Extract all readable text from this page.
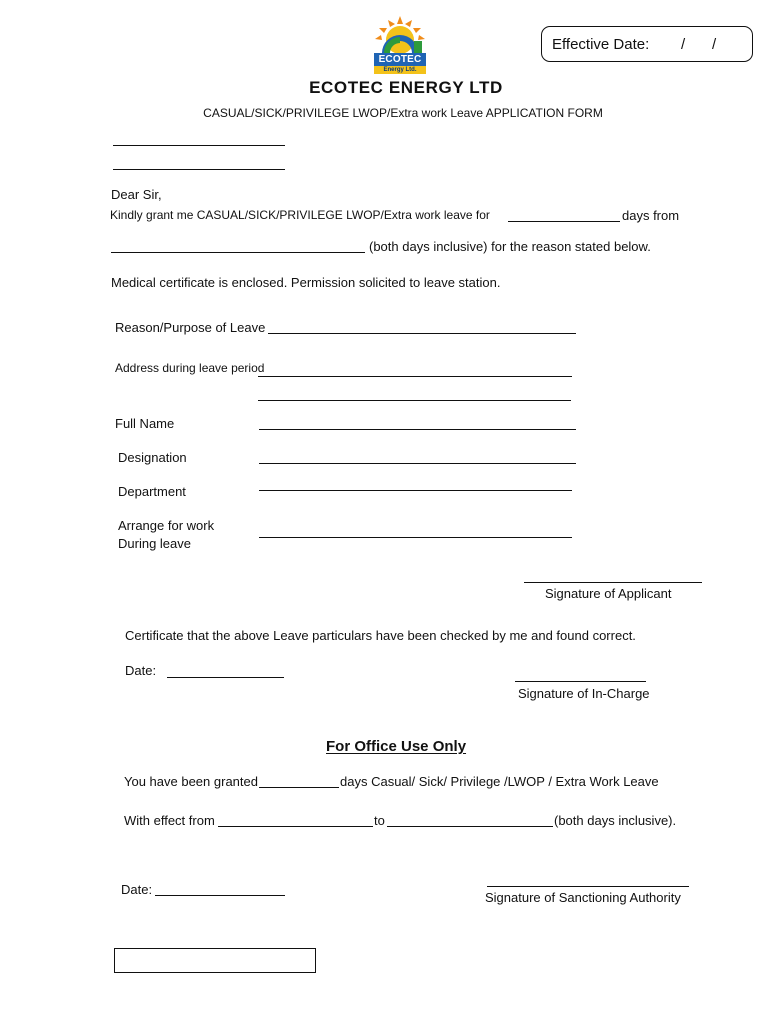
ECOTEC
Energy Ltd.
Effective Date: / /
ECOTEC ENERGY LTD
CASUAL/SICK/PRIVILEGE LWOP/Extra work Leave APPLICATION FORM
Dear Sir,
Kindly grant me CASUAL/SICK/PRIVILEGE LWOP/Extra work leave for	days from
(both days inclusive) for the reason stated below.
Medical certificate is enclosed. Permission solicited to leave station.
Reason/Purpose of Leave
Address during leave period
Full Name
Designation
Department
Arrange for work
During leave
Signature of Applicant
Certificate that the above Leave particulars have been checked by me and found correct.
Date:
Signature of In-Charge
For Office Use Only
You have been granted	days Casual/ Sick/ Privilege /LWOP / Extra Work Leave
With effect from	to	(both days inclusive).
Date:
Signature of Sanctioning Authority
